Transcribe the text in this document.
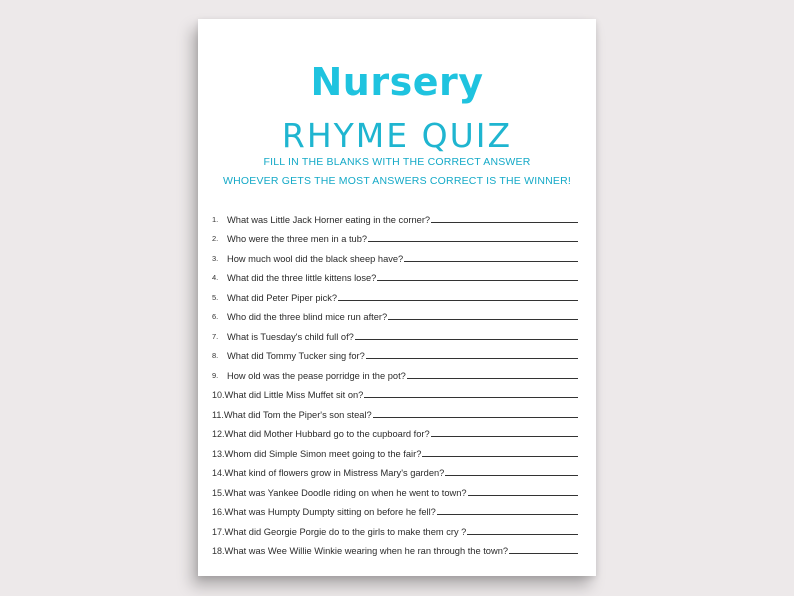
Nursery
RHYME QUIZ
FILL IN THE BLANKS WITH THE CORRECT ANSWER
WHOEVER GETS THE MOST ANSWERS CORRECT IS THE WINNER!
1. What was Little Jack Horner eating in the corner?
2. Who were the three men in a tub?
3. How much wool did the black sheep have?
4. What did the three little kittens lose?
5. What did Peter Piper pick?
6. Who did the three blind mice run after?
7. What is Tuesday's child full of?
8. What did Tommy Tucker sing for?
9. How old was the pease porridge in the pot?
10. What did Little Miss Muffet sit on?
11. What did Tom the Piper's son steal?
12. What did Mother Hubbard go to the cupboard for?
13. Whom did Simple Simon meet going to the fair?
14. What kind of flowers grow in Mistress Mary's garden?
15. What was Yankee Doodle riding on when he went to town?
16. What was Humpty Dumpty sitting on before he fell?
17. What did Georgie Porgie do to the girls to make them cry ?
18. What was Wee Willie Winkie wearing when he ran through the town?
